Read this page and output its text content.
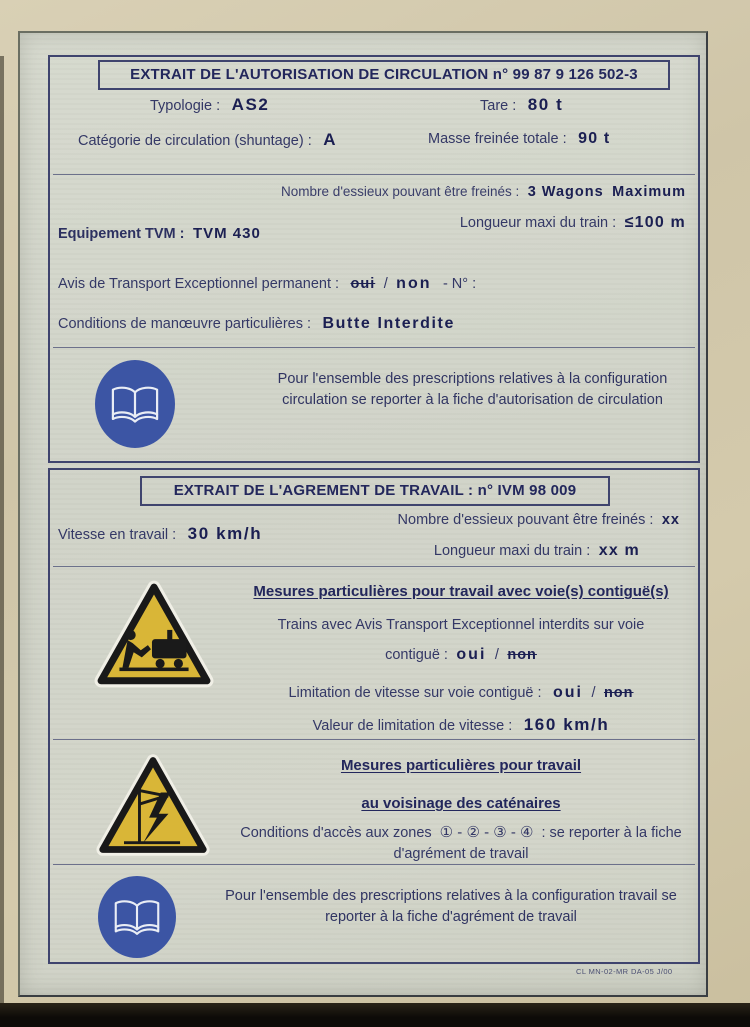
EXTRAIT DE L'AUTORISATION DE CIRCULATION n° 99 87 9 126 502-3
Typologie : AS2	Tare : 80 t
Catégorie de circulation (shuntage) : A	Masse freinée totale : 90 t
Nombre d'essieux pouvant être freinés : 3 Wagons Maximum
Longueur maxi du train : ≤100 m
Equipement TVM : TVM 430
Avis de Transport Exceptionnel permanent : oui / non - N° :
Conditions de manœuvre particulières : Butte Interdite
Pour l'ensemble des prescriptions relatives à la configuration circulation se reporter à la fiche d'autorisation de circulation
EXTRAIT DE L'AGREMENT DE TRAVAIL : n° IVM 98 009
Nombre d'essieux pouvant être freinés : xx
Vitesse en travail : 30 km/h
Longueur maxi du train : xx m
Mesures particulières pour travail avec voie(s) contiguë(s)
Trains avec Avis Transport Exceptionnel interdits sur voie
contiguë : oui / non
Limitation de vitesse sur voie contiguë : oui / non
Valeur de limitation de vitesse : 160 km/h
Mesures particulières pour travail
au voisinage des caténaires
Conditions d'accès aux zones ① - ② - ③ - ④ : se reporter à la fiche d'agrément de travail
Pour l'ensemble des prescriptions relatives à la configuration travail se reporter à la fiche d'agrément de travail
CL MN-02-MR DA-05 J/00
